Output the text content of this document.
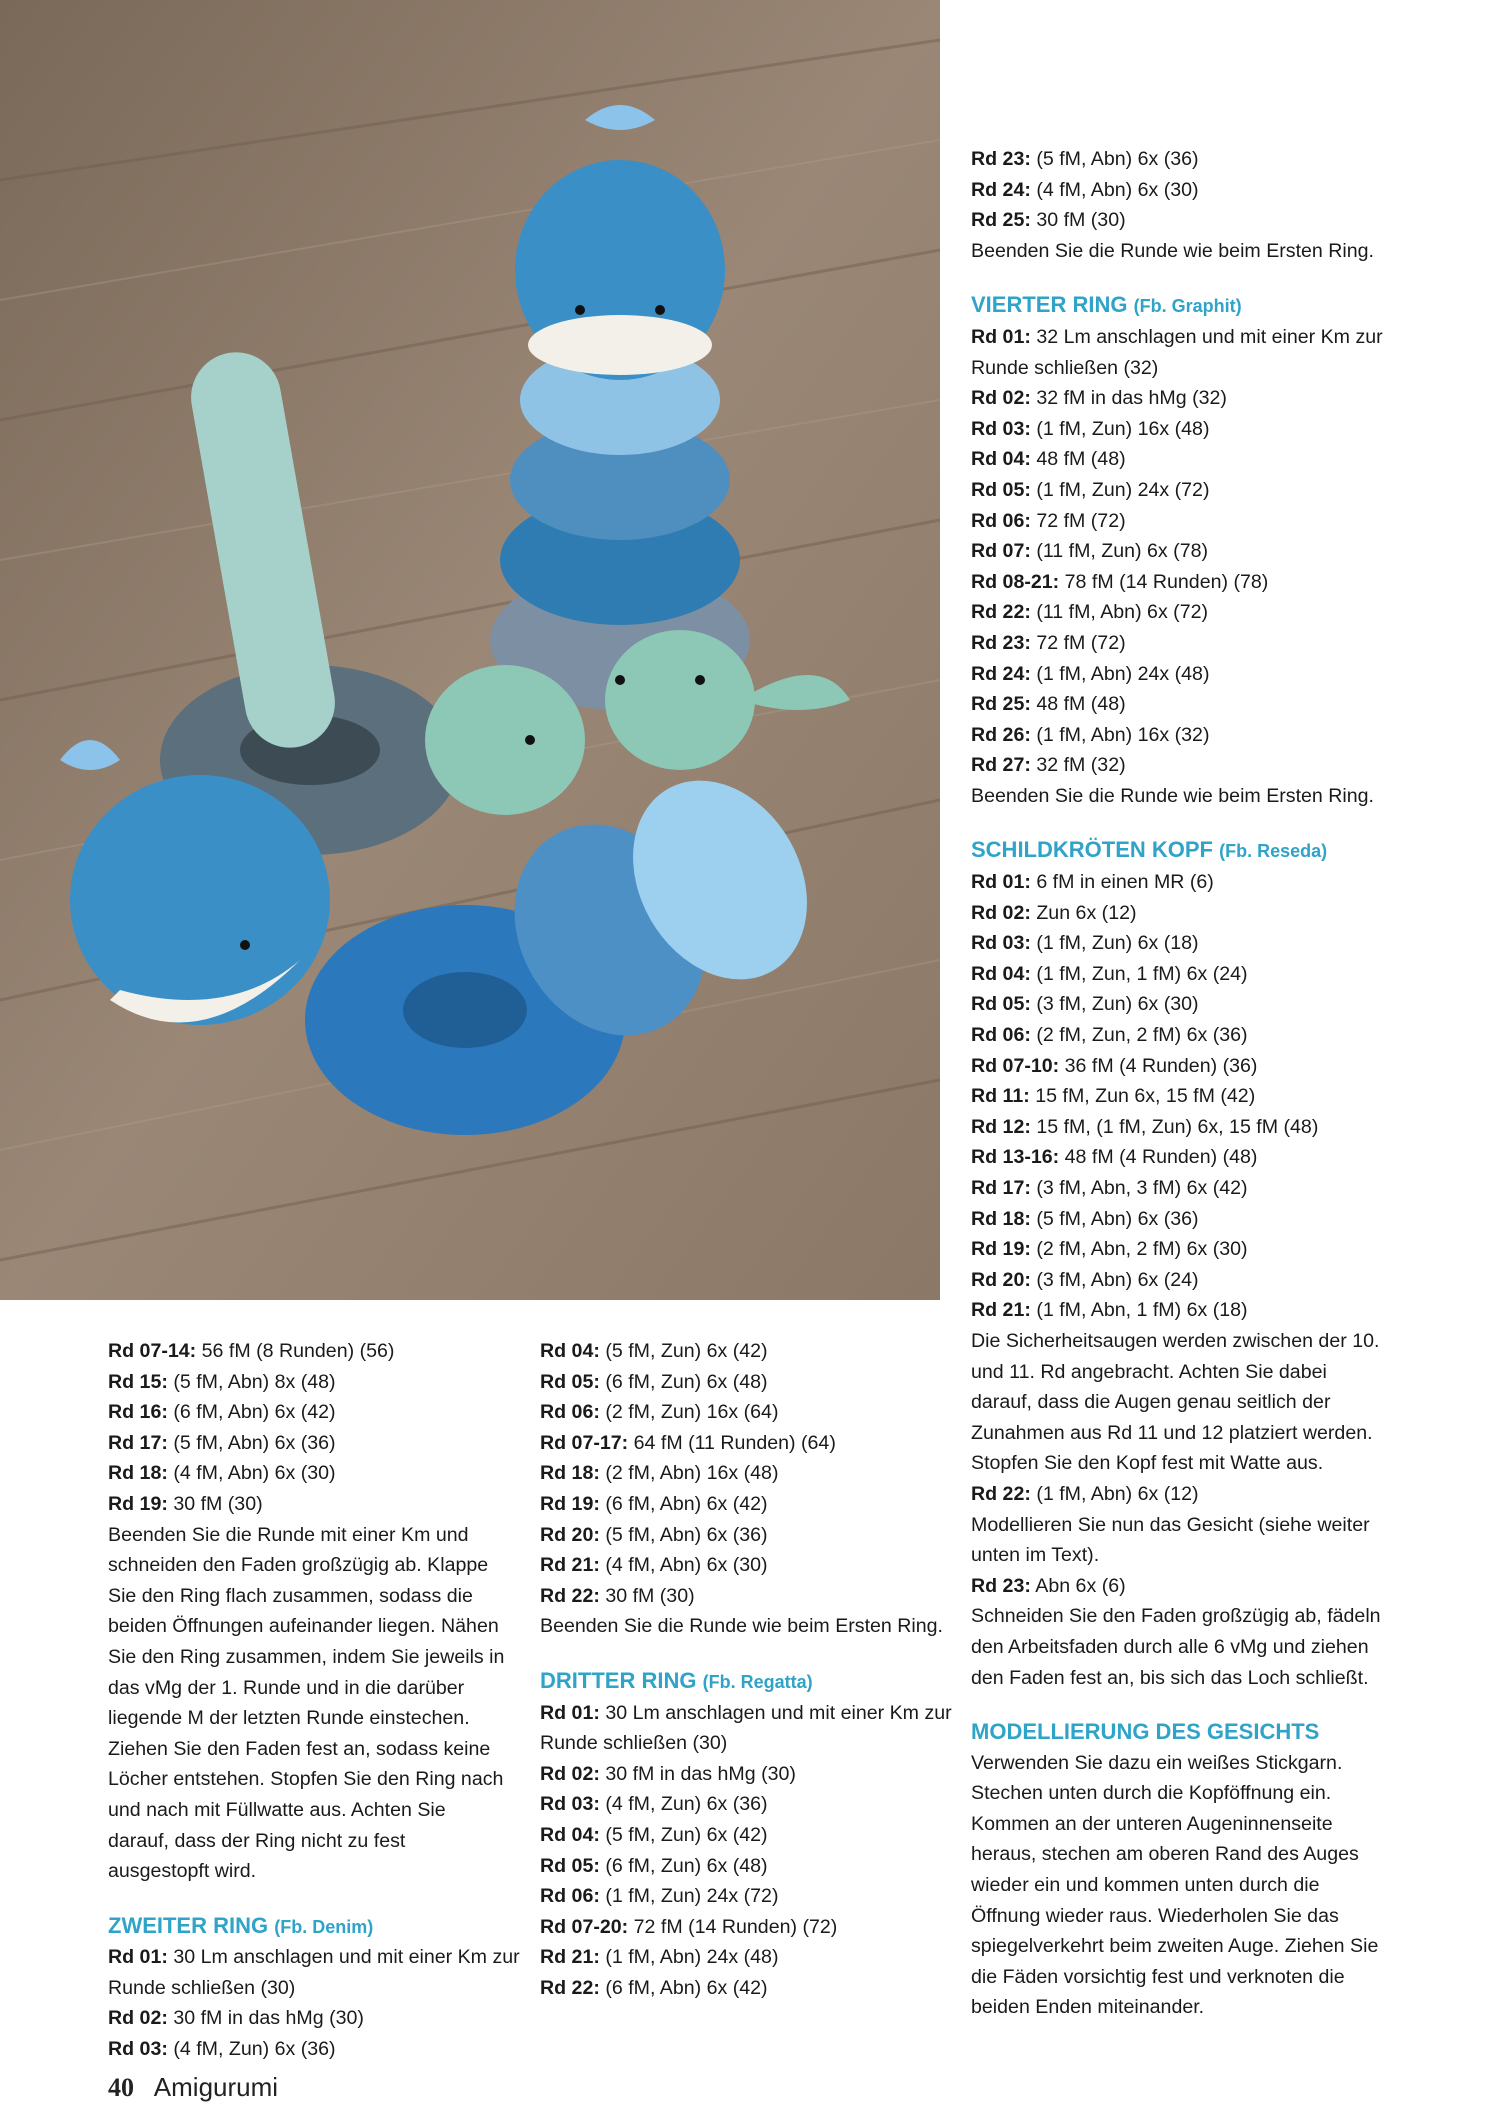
Rd 07-14: 56 fM (8 Runden) (56)
Rd 15: (5 fM, Abn) 8x (48)
Rd 16: (6 fM, Abn) 6x (42)
Rd 17: (5 fM, Abn) 6x (36)
Rd 18: (4 fM, Abn) 6x (30)
Rd 19: 30 fM (30)

Beenden Sie die Runde mit einer Km und schneiden den Faden großzügig ab. Klappe Sie den Ring flach zusammen, sodass die beiden Öffnungen aufeinander liegen. Nähen Sie den Ring zusammen, indem Sie jeweils in das vMg der 1. Runde und in die darüber liegende M der letzten Runde einstechen. Ziehen Sie den Faden fest an, sodass keine Löcher entstehen. Stopfen Sie den Ring nach und nach mit Füllwatte aus. Achten Sie darauf, dass der Ring nicht zu fest ausgestopft wird.

ZWEITER RING (Fb. Denim)
Rd 01: 30 Lm anschlagen und mit einer Km zur
Runde schließen (30)
Rd 02: 30 fM in das hMg (30)
Rd 03: (4 fM, Zun) 6x (36)
Rd 04: (5 fM, Zun) 6x (42)
Rd 05: (6 fM, Zun) 6x (48)
Rd 06: (2 fM, Zun) 16x (64)
Rd 07-17: 64 fM (11 Runden) (64)
Rd 18: (2 fM, Abn) 16x (48)
Rd 19: (6 fM, Abn) 6x (42)
Rd 20: (5 fM, Abn) 6x (36)
Rd 21: (4 fM, Abn) 6x (30)
Rd 22: 30 fM (30)
Beenden Sie die Runde wie beim Ersten Ring.
DRITTER RING (Fb. Regatta)
Rd 01: 30 Lm anschlagen und mit einer Km zur
Runde schließen (30)
Rd 02: 30 fM in das hMg (30)
Rd 03: (4 fM, Zun) 6x (36)
Rd 04: (5 fM, Zun) 6x (42)
Rd 05: (6 fM, Zun) 6x (48)
Rd 06: (1 fM, Zun) 24x (72)
Rd 07-20: 72 fM (14 Runden) (72)
Rd 21: (1 fM, Abn) 24x (48)
Rd 22: (6 fM, Abn) 6x (42)
Rd 23: (5 fM, Abn) 6x (36)
Rd 24: (4 fM, Abn) 6x (30)
Rd 25: 30 fM (30)
Beenden Sie die Runde wie beim Ersten Ring.
VIERTER RING (Fb. Graphit)
Rd 01: 32 Lm anschlagen und mit einer Km zur
Runde schließen (32)
Rd 02: 32 fM in das hMg (32)
Rd 03: (1 fM, Zun) 16x (48)
Rd 04: 48 fM (48)
Rd 05: (1 fM, Zun) 24x (72)
Rd 06: 72 fM (72)
Rd 07: (11 fM, Zun) 6x (78)
Rd 08-21: 78 fM (14 Runden) (78)
Rd 22: (11 fM, Abn) 6x (72)
Rd 23: 72 fM (72)
Rd 24: (1 fM, Abn) 24x (48)
Rd 25: 48 fM (48)
Rd 26: (1 fM, Abn) 16x (32)
Rd 27: 32 fM (32)
Beenden Sie die Runde wie beim Ersten Ring.
SCHILDKRÖTEN KOPF (Fb. Reseda)
Rd 01: 6 fM in einen MR (6)
Rd 02: Zun 6x (12)
Rd 03: (1 fM, Zun) 6x (18)
Rd 04: (1 fM, Zun, 1 fM) 6x (24)
Rd 05: (3 fM, Zun) 6x (30)
Rd 06: (2 fM, Zun, 2 fM) 6x (36)
Rd 07-10: 36 fM (4 Runden) (36)
Rd 11: 15 fM, Zun 6x, 15 fM (42)
Rd 12: 15 fM, (1 fM, Zun) 6x, 15 fM (48)
Rd 13-16: 48 fM (4 Runden) (48)
Rd 17: (3 fM, Abn, 3 fM) 6x (42)
Rd 18: (5 fM, Abn) 6x (36)
Rd 19: (2 fM, Abn, 2 fM) 6x (30)
Rd 20: (3 fM, Abn) 6x (24)
Rd 21: (1 fM, Abn, 1 fM) 6x (18)

Die Sicherheitsaugen werden zwischen der 10. und 11. Rd angebracht. Achten Sie dabei darauf, dass die Augen genau seitlich der Zunahmen aus Rd 11 und 12 platziert werden. Stopfen Sie den Kopf fest mit Watte aus.

Rd 22: (1 fM, Abn) 6x (12)

Modellieren Sie nun das Gesicht (siehe weiter unten im Text).

Rd 23: Abn 6x (6)

Schneiden Sie den Faden großzügig ab, fädeln den Arbeitsfaden durch alle 6 vMg und ziehen den Faden fest an, bis sich das Loch schließt.

MODELLIERUNG DES GESICHTS

Verwenden Sie dazu ein weißes Stickgarn. Stechen unten durch die Kopföffnung ein. Kommen an der unteren Augeninnenseite heraus, stechen am oberen Rand des Auges wieder ein und kommen unten durch die Öffnung wieder raus. Wiederholen Sie das spiegelverkehrt beim zweiten Auge. Ziehen Sie die Fäden vorsichtig fest und verknoten die beiden Enden miteinander.

40 Amigurumi
